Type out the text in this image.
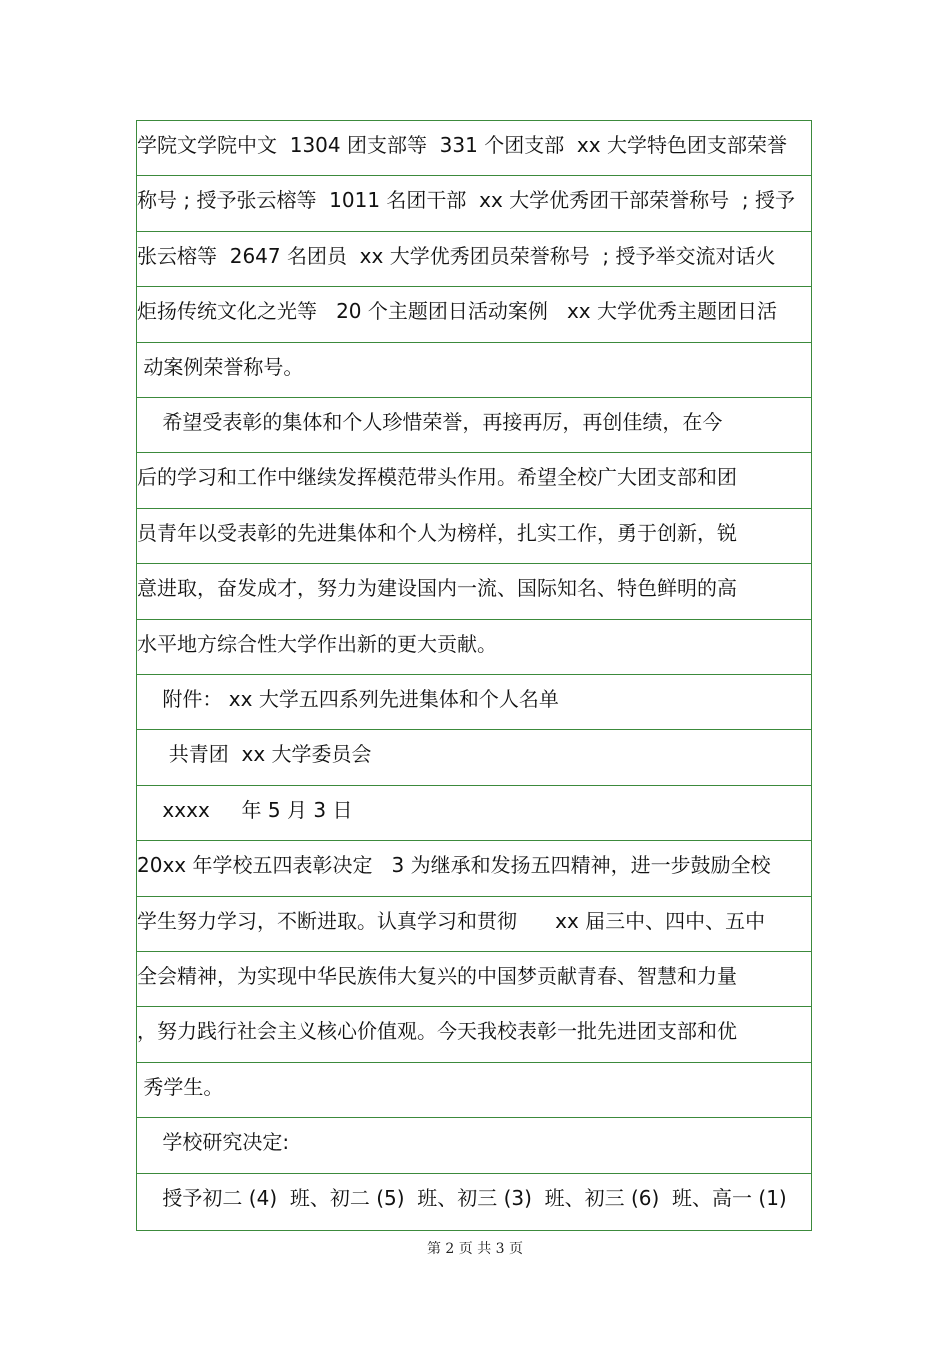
学院文学院中文  1304 团支部等  331 个团支部  xx 大学特色团支部荣誉
称号 ; 授予张云榕等  1011 名团干部  xx 大学优秀团干部荣誉称号  ; 授予
张云榕等  2647 名团员  xx 大学优秀团员荣誉称号  ; 授予举交流对话火
炬扬传统文化之光等   20 个主题团日活动案例   xx 大学优秀主题团日活
动案例荣誉称号。
希望受表彰的集体和个人珍惜荣誉，再接再厉，再创佳绩，在今
后的学习和工作中继续发挥模范带头作用。希望全校广大团支部和团
员青年以受表彰的先进集体和个人为榜样，扎实工作，勇于创新，锐
意进取，奋发成才，努力为建设国内一流、国际知名、特色鲜明的高
水平地方综合性大学作出新的更大贡献。
附件： xx 大学五四系列先进集体和个人名单
共青团  xx 大学委员会
xxxx     年 5 月 3 日
20xx 年学校五四表彰决定   3 为继承和发扬五四精神，进一步鼓励全校
学生努力学习，不断进取。认真学习和贯彻      xx 届三中、四中、五中
全会精神，为实现中华民族伟大复兴的中国梦贡献青春、智慧和力量
，努力践行社会主义核心价值观。今天我校表彰一批先进团支部和优
秀学生。
学校研究决定:
授予初二 (4)  班、初二 (5)  班、初三 (3)  班、初三 (6)  班、高一 (1)
第 2 页 共 3 页
